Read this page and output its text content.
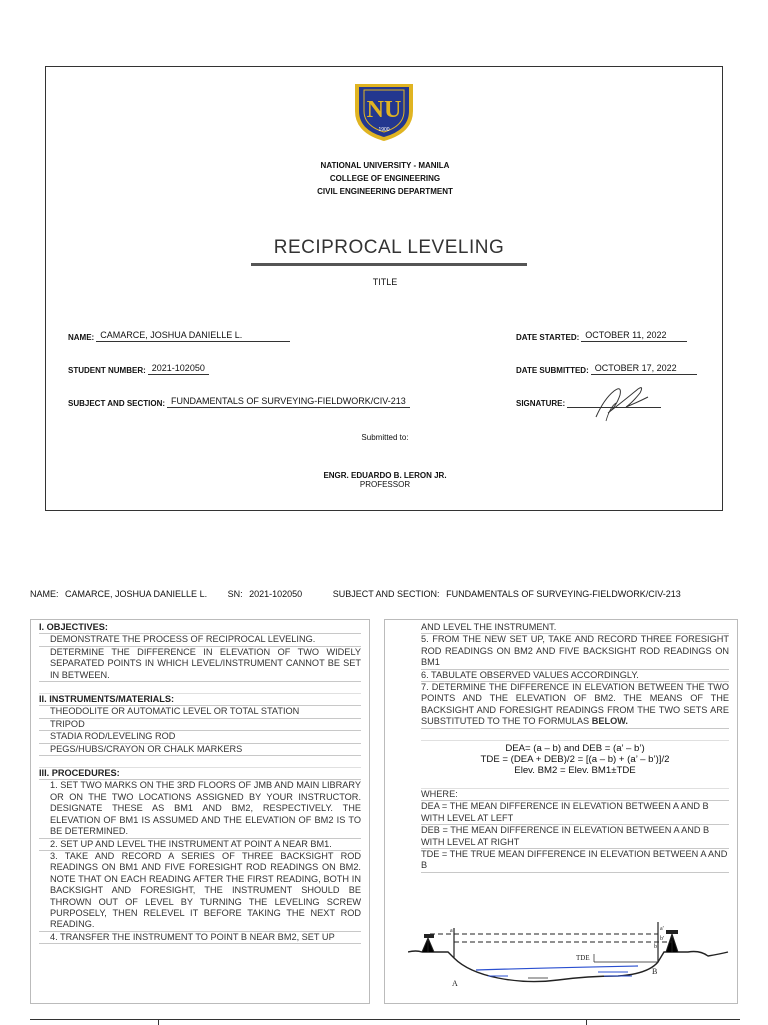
NU
1900
NATIONAL UNIVERSITY - MANILA
COLLEGE OF ENGINEERING
CIVIL ENGINEERING DEPARTMENT
RECIPROCAL LEVELING
TITLE
NAME: CAMARCE, JOSHUA DANIELLE L.
STUDENT NUMBER: 2021-102050
SUBJECT AND SECTION: FUNDAMENTALS OF SURVEYING-FIELDWORK/CIV-213
DATE STARTED: OCTOBER 11, 2022
DATE SUBMITTED: OCTOBER 17, 2022
SIGNATURE:
Submitted to:
ENGR. EDUARDO B. LERON JR.
PROFESSOR
NAME: CAMARCE, JOSHUA DANIELLE L. SN: 2021-102050	SUBJECT AND SECTION: FUNDAMENTALS OF SURVEYING-FIELDWORK/CIV-213
I. OBJECTIVES:
DEMONSTRATE THE PROCESS OF RECIPROCAL LEVELING.
DETERMINE THE DIFFERENCE IN ELEVATION OF TWO WIDELY SEPARATED POINTS IN WHICH LEVEL/INSTRUMENT CANNOT BE SET IN BETWEEN.
II. INSTRUMENTS/MATERIALS:
THEODOLITE OR AUTOMATIC LEVEL OR TOTAL STATION
TRIPOD
STADIA ROD/LEVELING ROD
PEGS/HUBS/CRAYON OR CHALK MARKERS
III. PROCEDURES:
1. SET TWO MARKS ON THE 3RD FLOORS OF JMB AND MAIN LIBRARY OR ON THE TWO LOCATIONS ASSIGNED BY YOUR INSTRUCTOR. DESIGNATE THESE AS BM1 AND BM2, RESPECTIVELY. THE ELEVATION OF BM1 IS ASSUMED AND THE ELEVATION OF BM2 IS TO BE DETERMINED.
2. SET UP AND LEVEL THE INSTRUMENT AT POINT A NEAR BM1.
3. TAKE AND RECORD A SERIES OF THREE BACKSIGHT ROD READINGS ON BM1 AND FIVE FORESIGHT ROD READINGS ON BM2. NOTE THAT ON EACH READING AFTER THE FIRST READING, BOTH IN BACKSIGHT AND FORESIGHT, THE INSTRUMENT SHOULD BE THROWN OUT OF LEVEL BY TURNING THE LEVELING SCREW PURPOSELY, THEN RELEVEL IT BEFORE TAKING THE NEXT ROD READING.
4. TRANSFER THE INSTRUMENT TO POINT B NEAR BM2, SET UP
AND LEVEL THE INSTRUMENT.
5. FROM THE NEW SET UP, TAKE AND RECORD THREE FORESIGHT ROD READINGS ON BM2 AND FIVE BACKSIGHT ROD READINGS ON BM1
6. TABULATE OBSERVED VALUES ACCORDINGLY.
7. DETERMINE THE DIFFERENCE IN ELEVATION BETWEEN THE TWO POINTS AND THE ELEVATION OF BM2. THE MEANS OF THE BACKSIGHT AND FORESIGHT READINGS FROM THE TWO SETS ARE SUBSTITUTED TO THE TO FORMULAS BELOW.
DEA= (a – b) and DEB = (a’ – b’)
TDE = (DEA + DEB)/2 = [(a – b) + (a’ – b’)]/2
Elev. BM2 = Elev. BM1±TDE
WHERE:
DEA = THE MEAN DIFFERENCE IN ELEVATION BETWEEN A AND B WITH LEVEL AT LEFT
DEB = THE MEAN DIFFERENCE IN ELEVATION BETWEEN A AND B WITH LEVEL AT RIGHT
TDE = THE TRUE MEAN DIFFERENCE IN ELEVATION BETWEEN A AND B
a
b
a'
b'
TDE
A
B
